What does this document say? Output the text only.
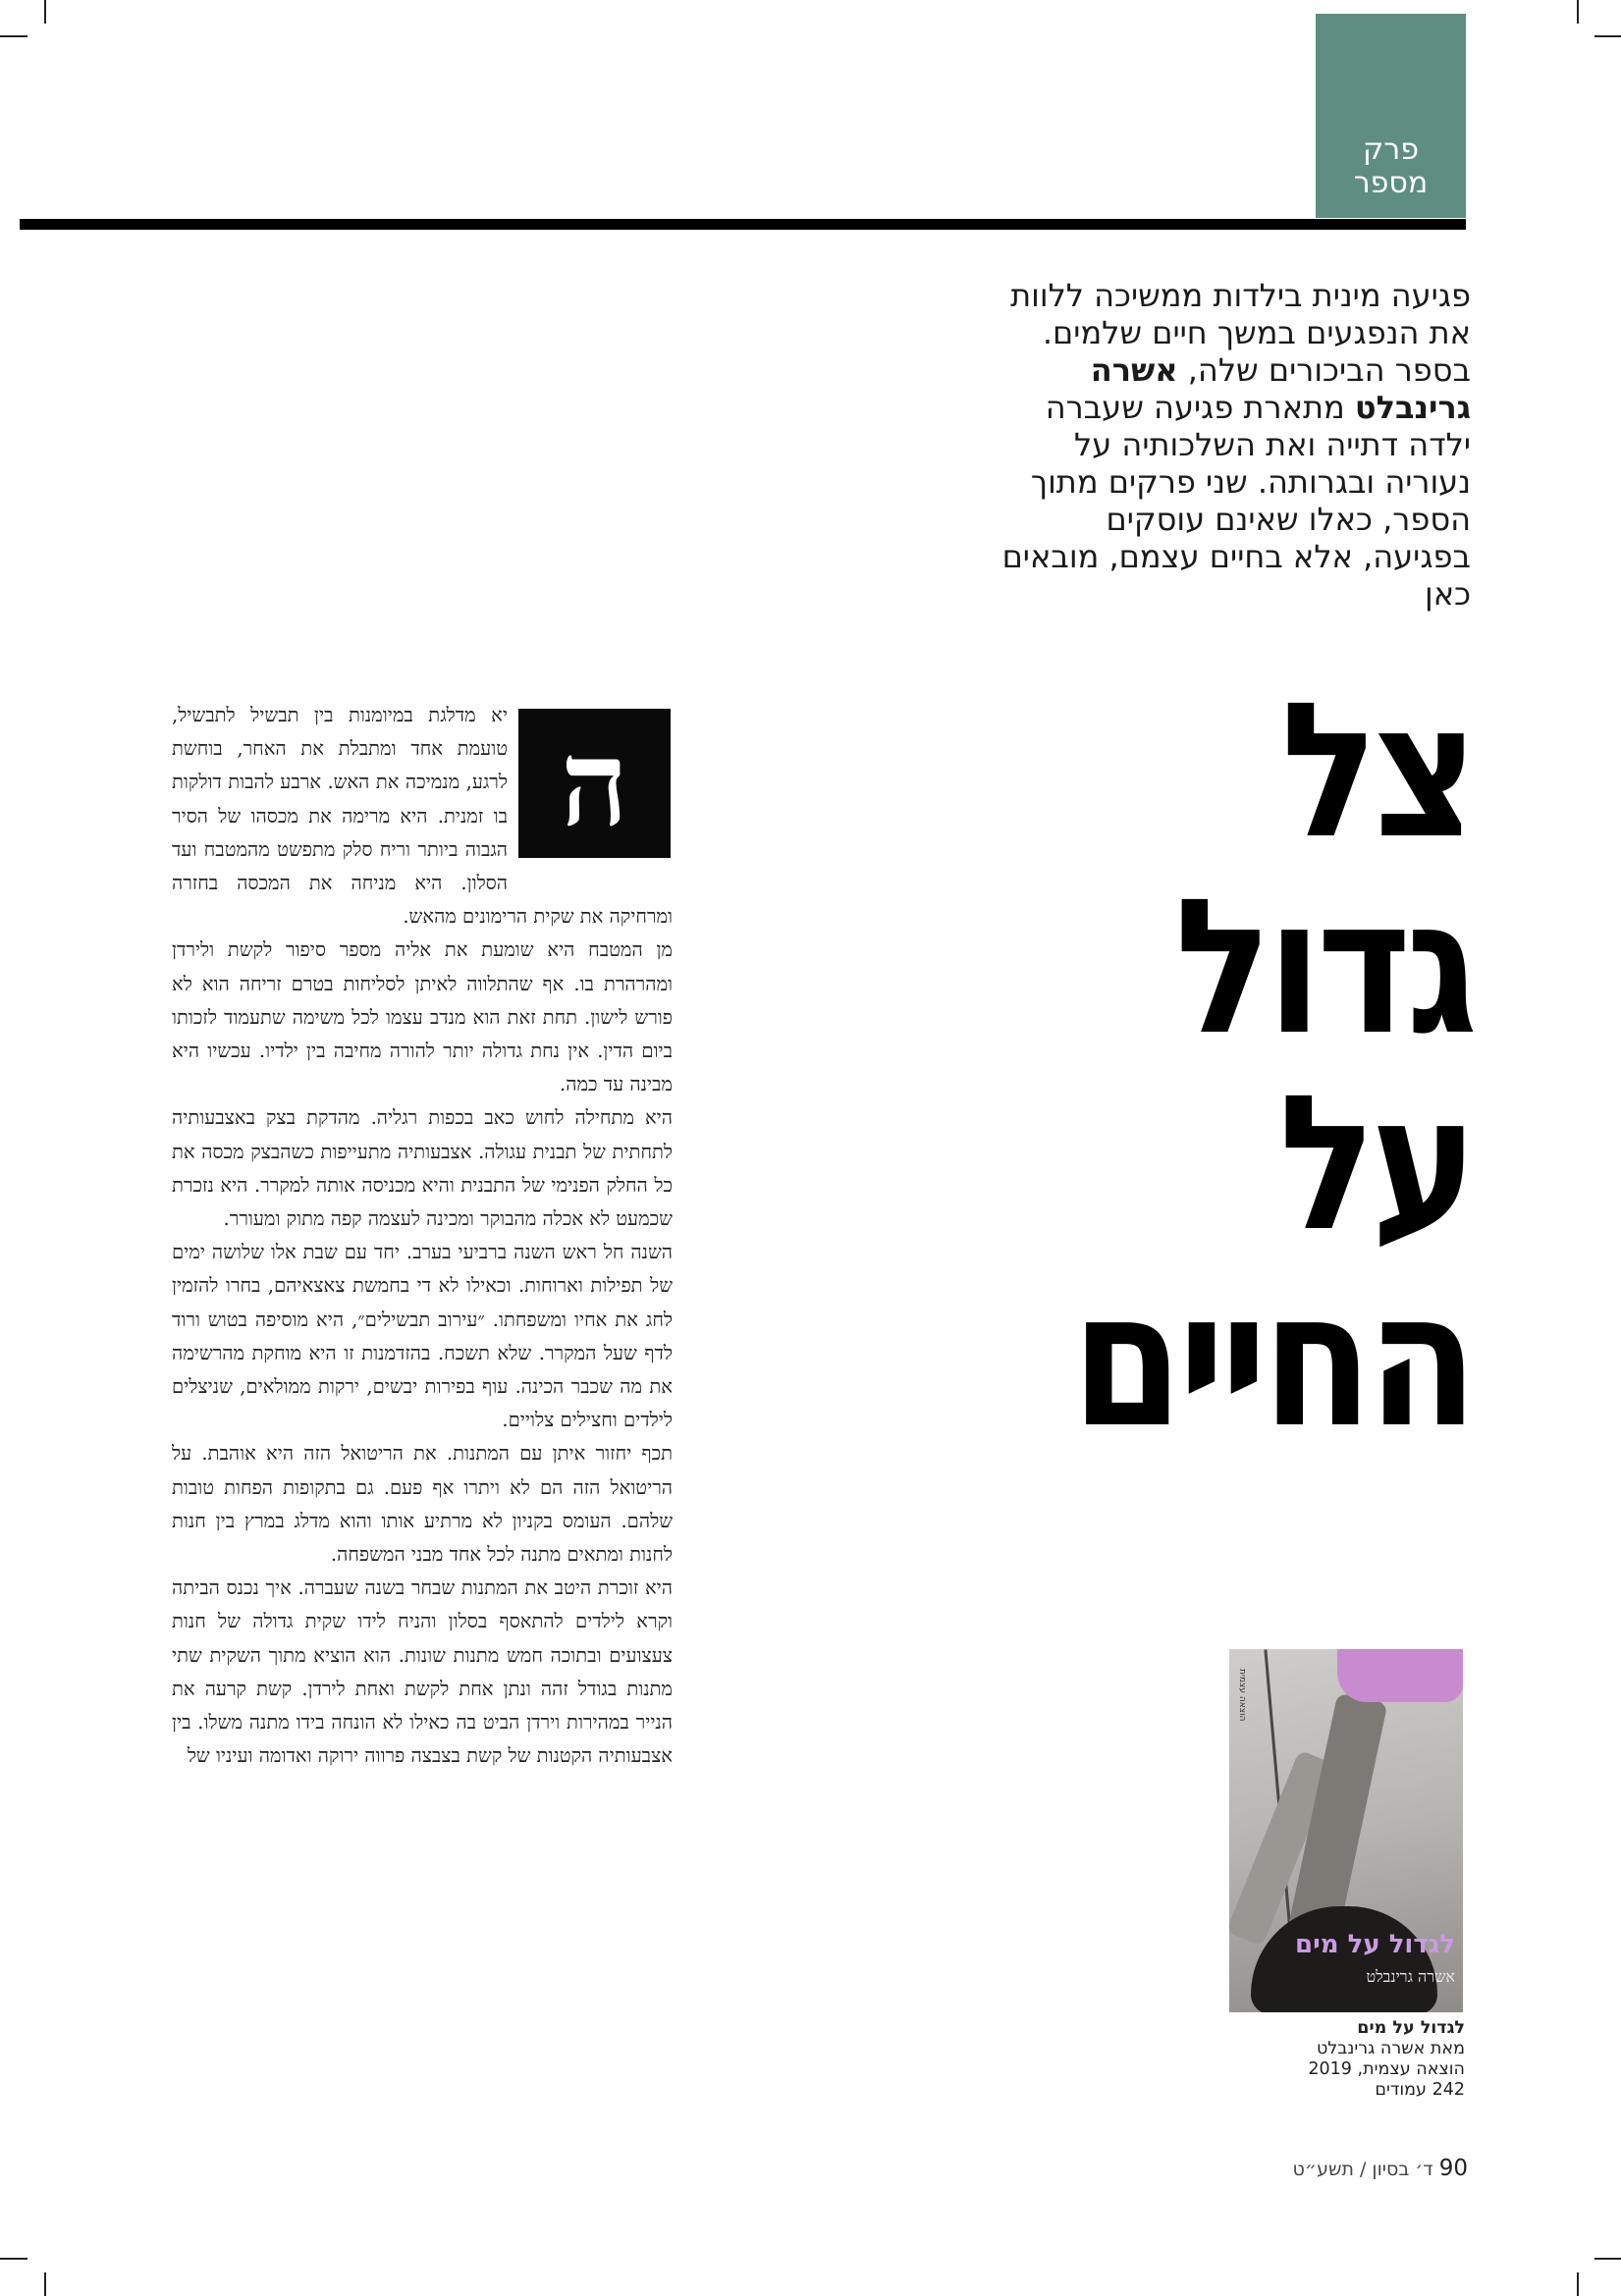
פרק
מספר
פגיעה מינית בילדות ממשיכה ללוות את הנפגעים במשך חיים שלמים. בספר הביכורים שלה, אשרה גרינבלט מתארת פגיעה שעברה ילדה דתייה ואת השלכותיה על נעוריה ובגרותה. שני פרקים מתוך הספר, כאלו שאינם עוסקים בפגיעה, אלא בחיים עצמם, מובאים כאן
צל
גדול
על
החיים

יא מדלגת במיומנות בין תבשיל לתבשיל, טועמת אחד ומתבלת את האחר, בוחשת לרגע, מנמיכה את האש. ארבע להבות דולקות בו זמנית. היא מרימה את מכסהו של הסיר הגבוה ביותר וריח סלק מתפשט מהמטבח ועד הסלון. היא מניחה את המכסה בחזרה ומרחיקה את שקית הרימונים מהאש.

מן המטבח היא שומעת את אליה מספר סיפור לקשת ולירדן ומהרהרת בו. אף שהתלווה לאיתן לסליחות בטרם זריחה הוא לא פורש לישון. תחת זאת הוא מנדב עצמו לכל משימה שתעמוד לזכותו ביום הדין. אין נחת גדולה יותר להורה מחיבה בין ילדיו. עכשיו היא מבינה עד כמה.

היא מתחילה לחוש כאב בכפות רגליה. מהדקת בצק באצבעותיה לתחתית של תבנית עגולה. אצבעותיה מתעייפות כשהבצק מכסה את כל החלק הפנימי של התבנית והיא מכניסה אותה למקרר. היא נזכרת שכמעט לא אכלה מהבוקר ומכינה לעצמה קפה מתוק ומעורר.

השנה חל ראש השנה ברביעי בערב. יחד עם שבת אלו שלושה ימים של תפילות וארוחות. וכאילו לא די בחמשת צאצאיהם, בחרו להזמין לחג את אחיו ומשפחתו. ״עירוב תבשילים״, היא מוסיפה בטוש ורוד לדף שעל המקרר. שלא תשכח. בהזדמנות זו היא מוחקת מהרשימה את מה שכבר הכינה. עוף בפירות יבשים, ירקות ממולאים, שניצלים לילדים וחצילים צלויים.

תכף יחזור איתן עם המתנות. את הריטואל הזה היא אוהבת. על הריטואל הזה הם לא ויתרו אף פעם. גם בתקופות הפחות טובות שלהם. העומס בקניון לא מרתיע אותו והוא מדלג במרץ בין חנות לחנות ומתאים מתנה לכל אחד מבני המשפחה.

היא זוכרת היטב את המתנות שבחר בשנה שעברה. איך נכנס הביתה וקרא לילדים להתאסף בסלון והניח לידו שקית גדולה של חנות צעצועים ובתוכה חמש מתנות שונות. הוא הוציא מתוך השקית שתי מתנות בגודל זהה ונתן אחת לקשת ואחת לירדן. קשת קרעה את הנייר במהירות וירדן הביט בה כאילו לא הונחה בידו מתנה משלו. בין אצבעותיה הקטנות של קשת בצבצה פרווה ירוקה ואדומה ועיניו של

ה
הוצאה עצמית
לגדול על מים
אשרה גרינבלט
לגדול על מים
מאת אשרה גרינבלט
הוצאה עצמית, 2019
242 עמודים
90 ד׳ בסיון / תשע״ט
